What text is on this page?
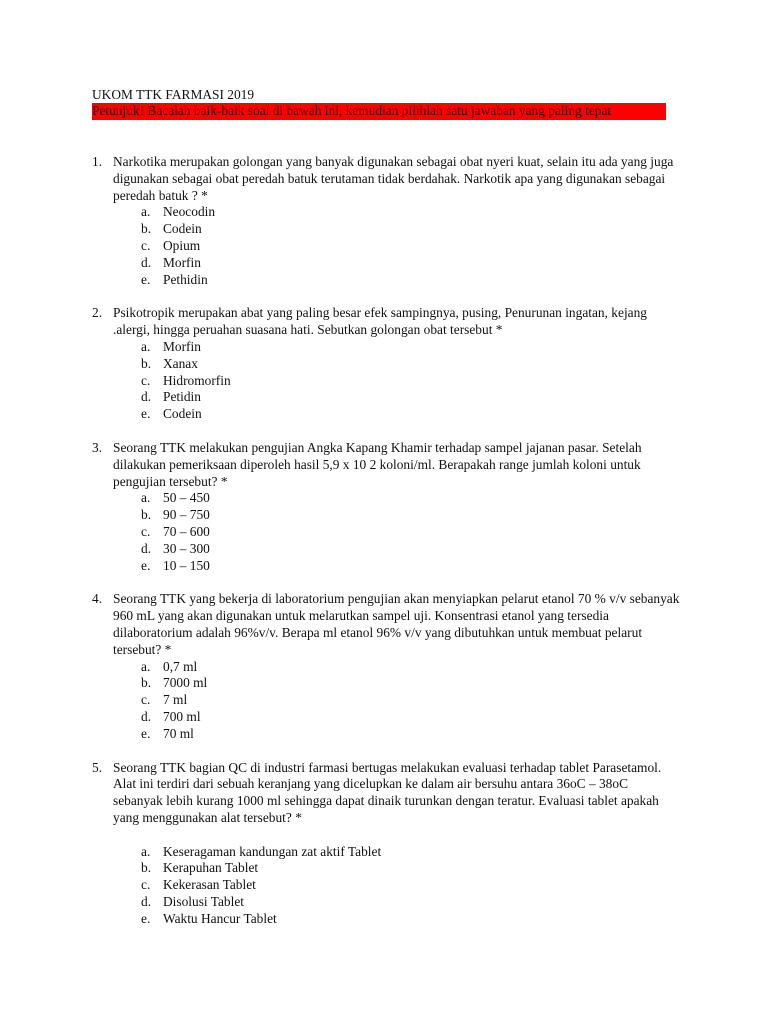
UKOM TTK FARMASI 2019
Petunjuk! Bacalah baik-baik soal di bawah ini, kemudian pilihlah satu jawaban yang paling tepat
1. Narkotika merupakan golongan yang banyak digunakan sebagai obat nyeri kuat, selain itu ada yang juga digunakan sebagai obat peredah batuk terutaman tidak berdahak. Narkotik apa yang digunakan sebagai peredah batuk ? *
a. Neocodin
b. Codein
c. Opium
d. Morfin
e. Pethidin
2. Psikotropik merupakan abat yang paling besar efek sampingnya, pusing, Penurunan ingatan, kejang .alergi, hingga peruahan suasana hati. Sebutkan golongan obat tersebut *
a. Morfin
b. Xanax
c. Hidromorfin
d. Petidin
e. Codein
3. Seorang TTK melakukan pengujian Angka Kapang Khamir terhadap sampel jajanan pasar. Setelah dilakukan pemeriksaan diperoleh hasil 5,9 x 10 2 koloni/ml. Berapakah range jumlah koloni untuk pengujian tersebut? *
a. 50 – 450
b. 90 – 750
c. 70 – 600
d. 30 – 300
e. 10 – 150
4. Seorang TTK yang bekerja di laboratorium pengujian akan menyiapkan pelarut etanol 70 % v/v sebanyak 960 mL yang akan digunakan untuk melarutkan sampel uji. Konsentrasi etanol yang tersedia dilaboratorium adalah 96%v/v. Berapa ml etanol 96% v/v yang dibutuhkan untuk membuat pelarut tersebut? *
a. 0,7 ml
b. 7000 ml
c. 7 ml
d. 700 ml
e. 70 ml
5. Seorang TTK bagian QC di industri farmasi bertugas melakukan evaluasi terhadap tablet Parasetamol. Alat ini terdiri dari sebuah keranjang yang dicelupkan ke dalam air bersuhu antara 36oC – 38oC sebanyak lebih kurang 1000 ml sehingga dapat dinaik turunkan dengan teratur. Evaluasi tablet apakah yang menggunakan alat tersebut? *
a. Keseragaman kandungan zat aktif Tablet
b. Kerapuhan Tablet
c. Kekerasan Tablet
d. Disolusi Tablet
e. Waktu Hancur Tablet
